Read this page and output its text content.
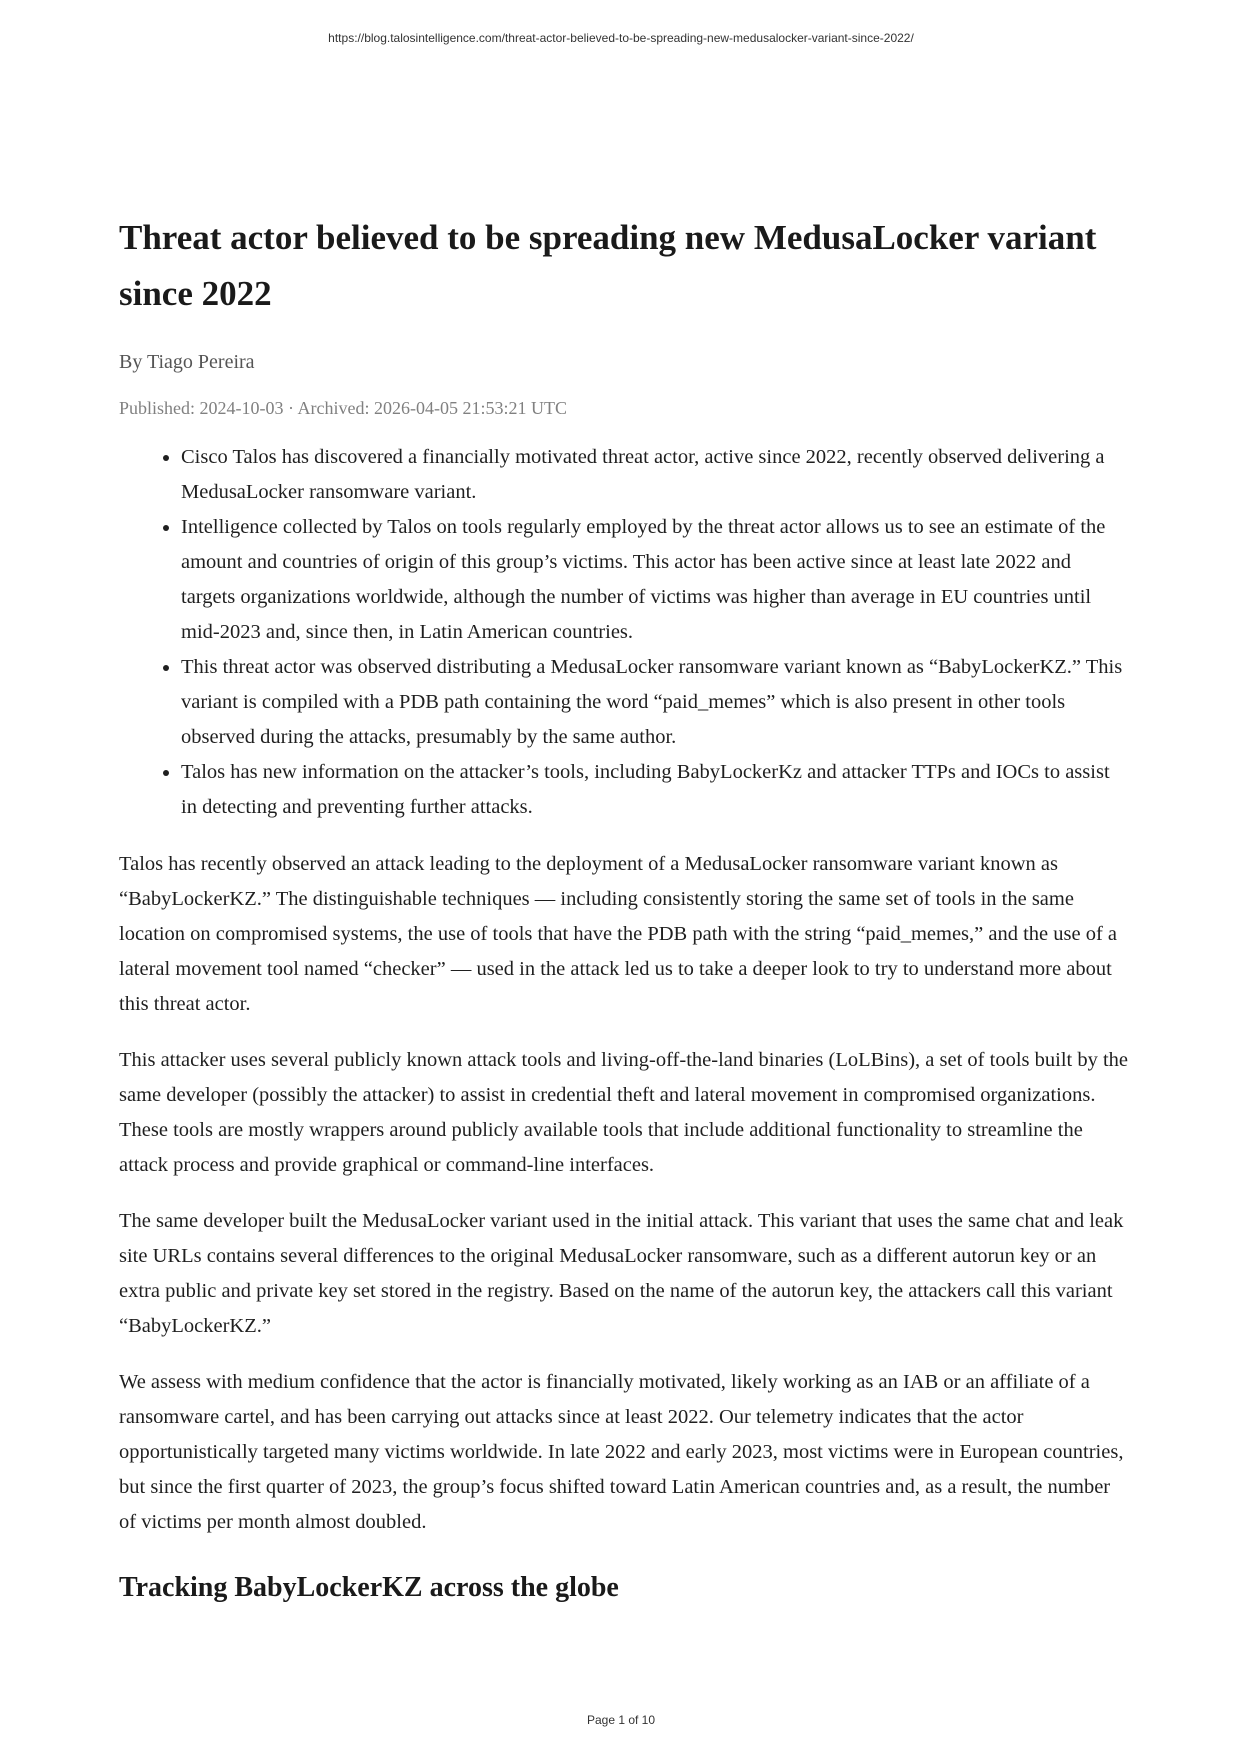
https://blog.talosintelligence.com/threat-actor-believed-to-be-spreading-new-medusalocker-variant-since-2022/
Threat actor believed to be spreading new MedusaLocker variant since 2022
By Tiago Pereira
Published: 2024-10-03 · Archived: 2026-04-05 21:53:21 UTC
• Cisco Talos has discovered a financially motivated threat actor, active since 2022, recently observed delivering a MedusaLocker ransomware variant.
• Intelligence collected by Talos on tools regularly employed by the threat actor allows us to see an estimate of the amount and countries of origin of this group’s victims. This actor has been active since at least late 2022 and targets organizations worldwide, although the number of victims was higher than average in EU countries until mid-2023 and, since then, in Latin American countries.
• This threat actor was observed distributing a MedusaLocker ransomware variant known as “BabyLockerKZ.” This variant is compiled with a PDB path containing the word “paid_memes” which is also present in other tools observed during the attacks, presumably by the same author.
• Talos has new information on the attacker’s tools, including BabyLockerKz and attacker TTPs and IOCs to assist in detecting and preventing further attacks.

Talos has recently observed an attack leading to the deployment of a MedusaLocker ransomware variant known as “BabyLockerKZ.” The distinguishable techniques — including consistently storing the same set of tools in the same location on compromised systems, the use of tools that have the PDB path with the string “paid_memes,” and the use of a lateral movement tool named “checker” — used in the attack led us to take a deeper look to try to understand more about this threat actor.

This attacker uses several publicly known attack tools and living-off-the-land binaries (LoLBins), a set of tools built by the same developer (possibly the attacker) to assist in credential theft and lateral movement in compromised organizations. These tools are mostly wrappers around publicly available tools that include additional functionality to streamline the attack process and provide graphical or command-line interfaces.

The same developer built the MedusaLocker variant used in the initial attack. This variant that uses the same chat and leak site URLs contains several differences to the original MedusaLocker ransomware, such as a different autorun key or an extra public and private key set stored in the registry. Based on the name of the autorun key, the attackers call this variant “BabyLockerKZ.”

We assess with medium confidence that the actor is financially motivated, likely working as an IAB or an affiliate of a ransomware cartel, and has been carrying out attacks since at least 2022. Our telemetry indicates that the actor opportunistically targeted many victims worldwide. In late 2022 and early 2023, most victims were in European countries, but since the first quarter of 2023, the group’s focus shifted toward Latin American countries and, as a result, the number of victims per month almost doubled.

Tracking BabyLockerKZ across the globe
Page 1 of 10
